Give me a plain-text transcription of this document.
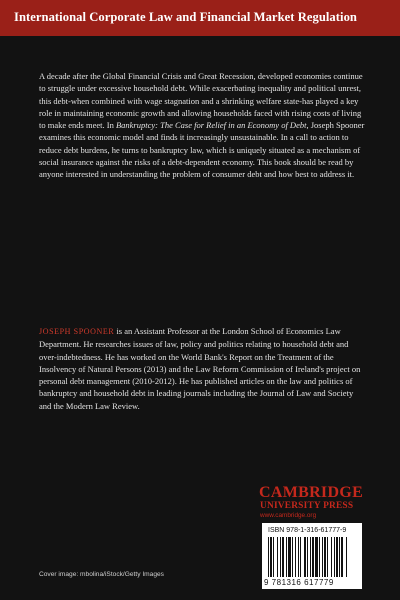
International Corporate Law and Financial Market Regulation

A decade after the Global Financial Crisis and Great Recession, developed economies continue to struggle under excessive household debt. While exacerbating inequality and political unrest, this debt-when combined with wage stagnation and a shrinking welfare state-has played a key role in maintaining economic growth and allowing households faced with rising costs of living to make ends meet. In Bankruptcy: The Case for Relief in an Economy of Debt, Joseph Spooner examines this economic model and finds it increasingly unsustainable. In a call to action to reduce debt burdens, he turns to bankruptcy law, which is uniquely situated as a mechanism of social insurance against the risks of a debt-dependent economy. This book should be read by anyone interested in understanding the problem of consumer debt and how best to address it.

JOSEPH SPOONER is an Assistant Professor at the London School of Economics Law Department. He researches issues of law, policy and politics relating to household debt and over-indebtedness. He has worked on the World Bank's Report on the Treatment of the Insolvency of Natural Persons (2013) and the Law Reform Commission of Ireland's project on personal debt management (2010-2012). He has published articles on the law and politics of bankruptcy and household debt in leading journals including the Journal of Law and Society and the Modern Law Review.

CAMBRIDGE
UNIVERSITY PRESS
www.cambridge.org
ISBN 978-1-316-61777-9
9 781316 617779
Cover image: mbolina/iStock/Getty Images
